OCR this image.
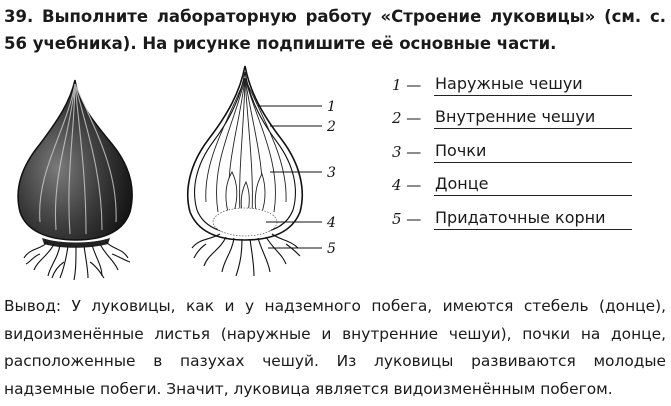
39. Выполните лабораторную работу «Строение луковицы» (см. с. 56 учебника). На рисунке подпишите её основные части.
1
2
3
4
5
1 — Наружные чешуи
2 — Внутренние чешуи
3 — Почки
4 — Донце
5 — Придаточные корни
Вывод: У луковицы, как и у надземного побега, имеются стебель (донце), видоизменённые листья (наружные и внутренние чешуи), почки на донце, расположенные в пазухах чешуй. Из луковицы развиваются молодые надземные побеги. Значит, луковица является видоизменённым побегом.
